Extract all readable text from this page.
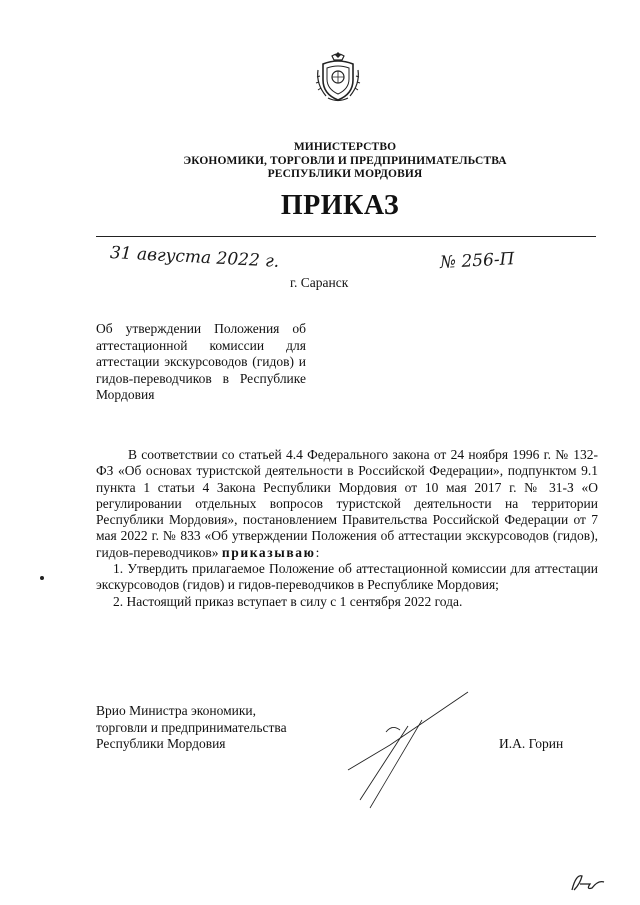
МИНИСТЕРСТВО
ЭКОНОМИКИ, ТОРГОВЛИ И ПРЕДПРИНИМАТЕЛЬСТВА
РЕСПУБЛИКИ МОРДОВИЯ
ПРИКАЗ
31 августа 2022 г.	№ 256-П
г. Саранск
Об утверждении Положения об аттестационной комиссии для аттестации экскурсоводов (гидов) и гидов-переводчиков в Республике Мордовия

В соответствии со статьей 4.4 Федерального закона от 24 ноября 1996 г. № 132-ФЗ «Об основах туристской деятельности в Российской Федерации», подпунктом 9.1 пункта 1 статьи 4 Закона Республики Мордовия от 10 мая 2017 г. № 31-З «О регулировании отдельных вопросов туристской деятельности на территории Республики Мордовия», постановлением Правительства Российской Федерации от 7 мая 2022 г. № 833 «Об утверждении Положения об аттестации экскурсоводов (гидов), гидов-переводчиков» приказываю:

1. Утвердить прилагаемое Положение об аттестационной комиссии для аттестации экскурсоводов (гидов) и гидов-переводчиков в Республике Мордовия;

2. Настоящий приказ вступает в силу с 1 сентября 2022 года.

Врио Министра экономики,
торговли и предпринимательства
Республики Мордовия	И.А. Горин
